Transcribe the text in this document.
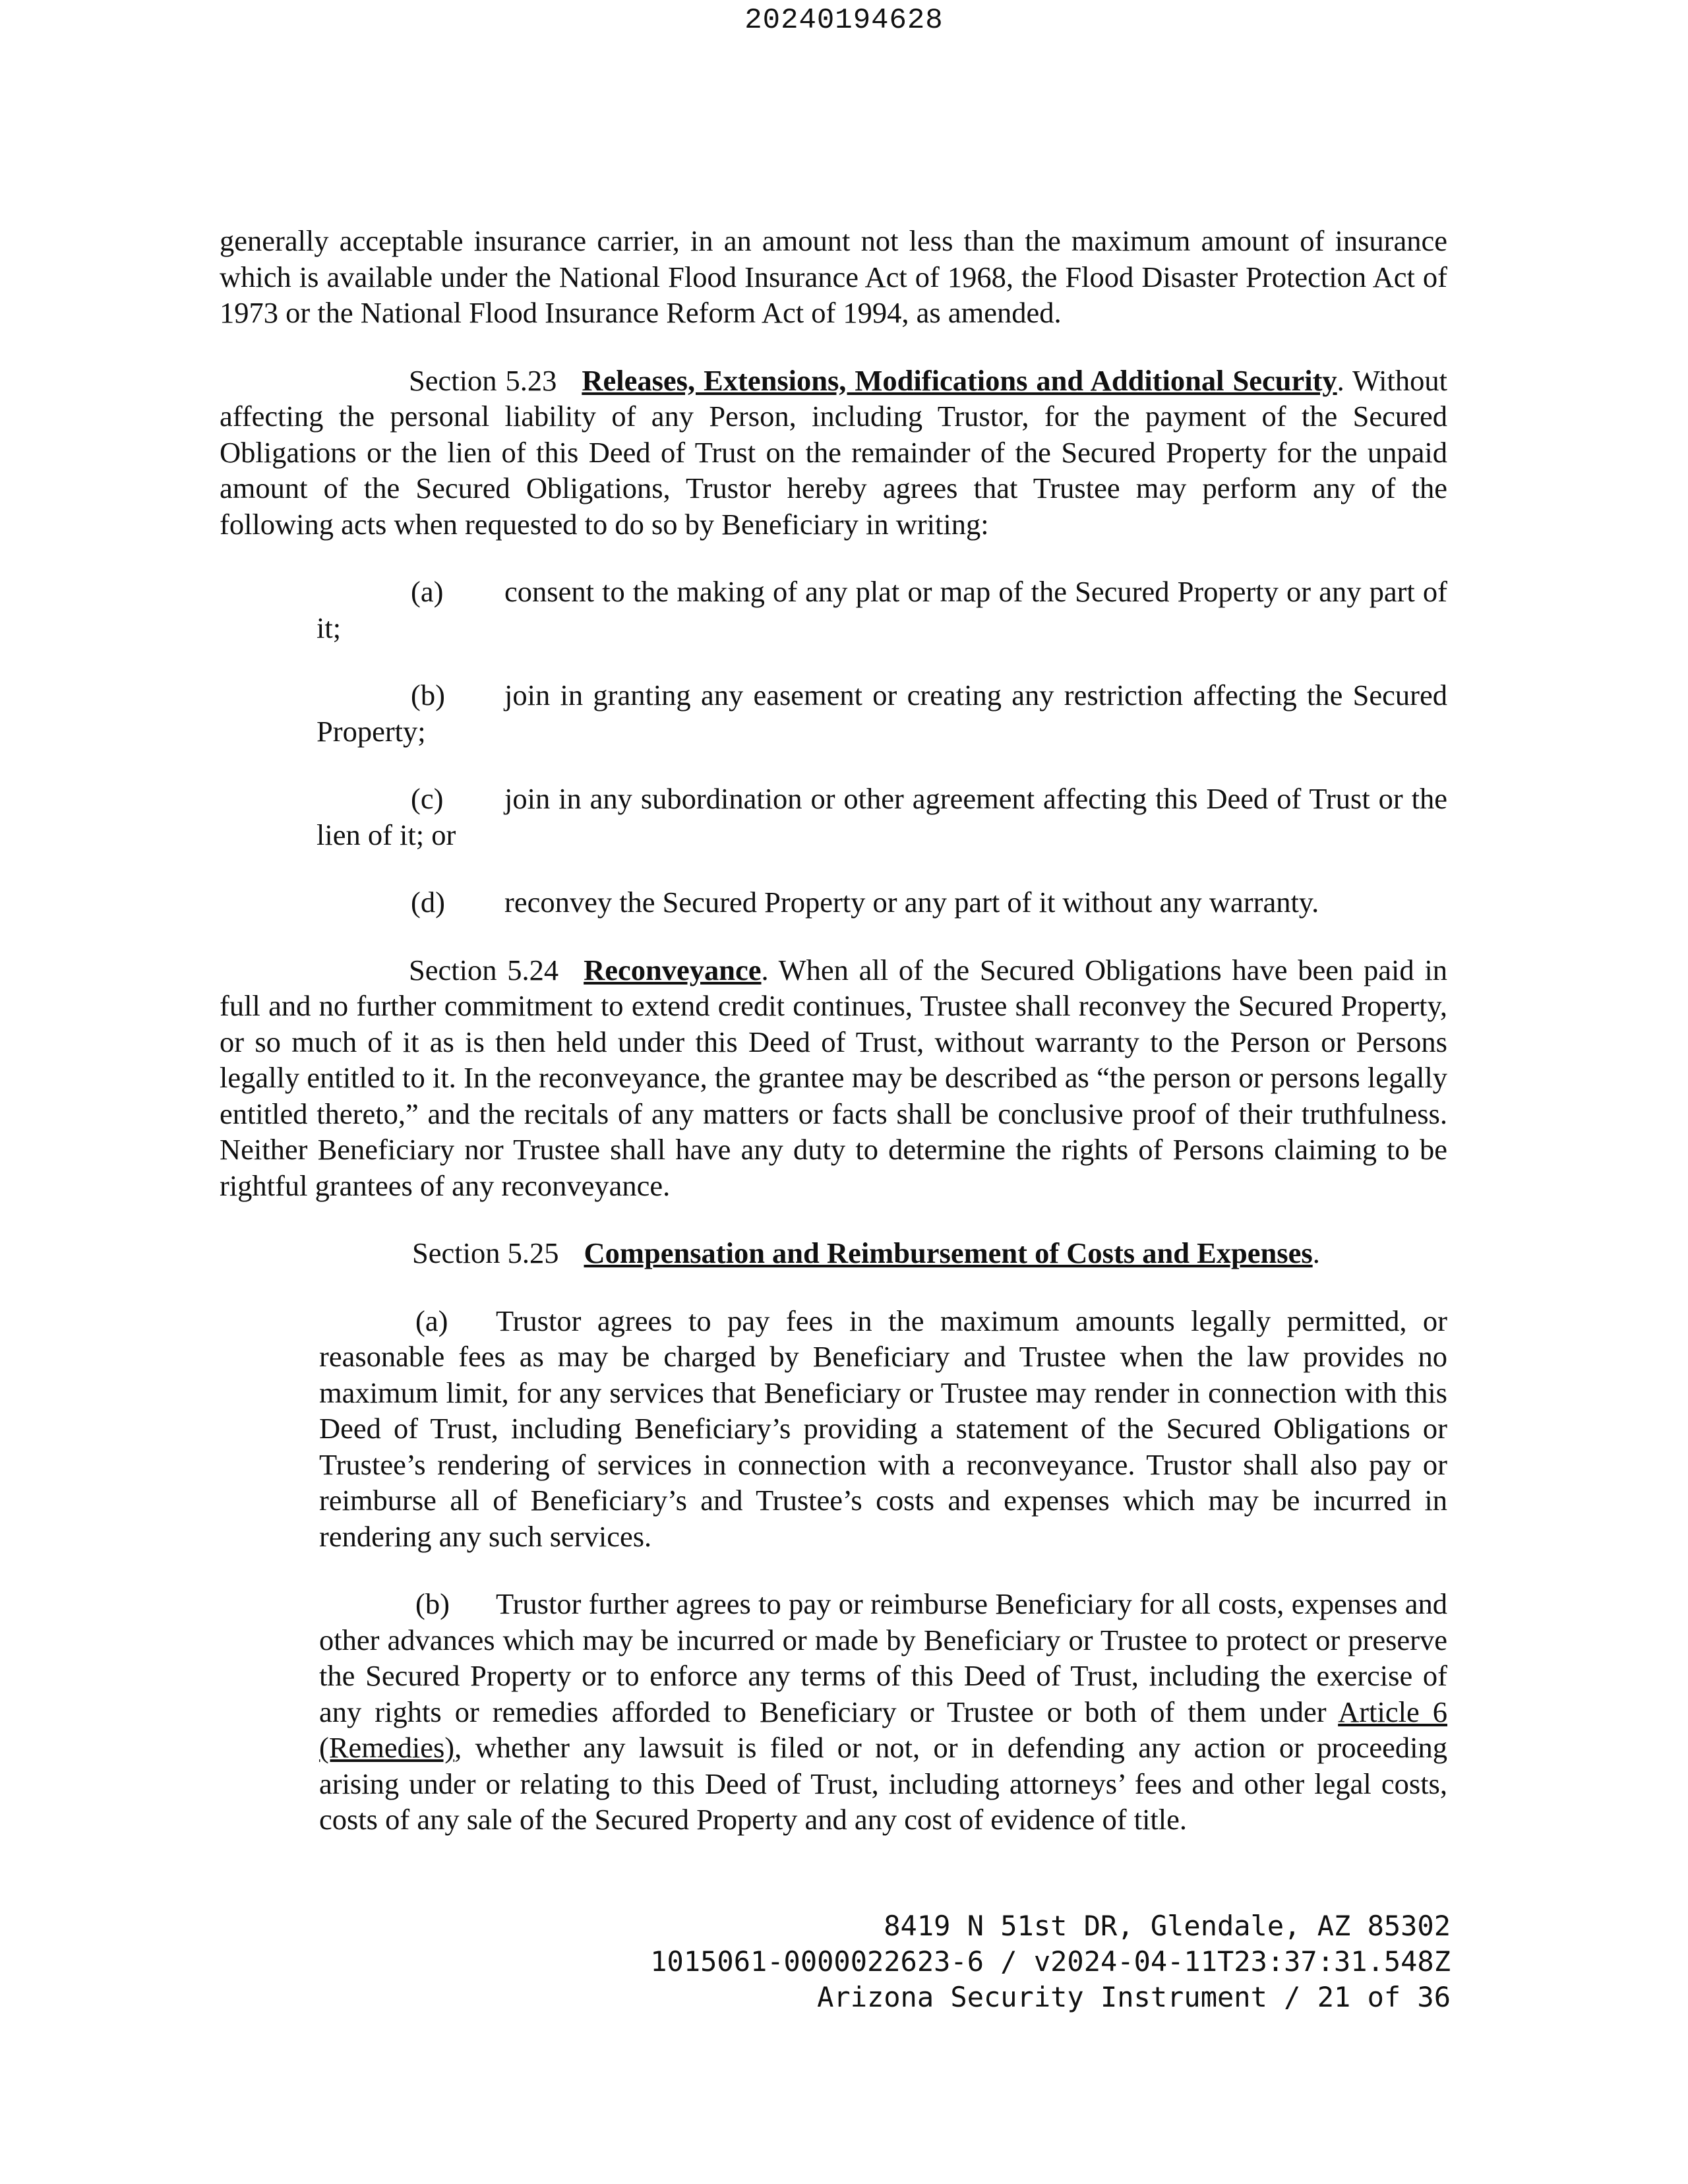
20240194628

generally acceptable insurance carrier, in an amount not less than the maximum amount of insurance which is available under the National Flood Insurance Act of 1968, the Flood Disaster Protection Act of 1973 or the National Flood Insurance Reform Act of 1994, as amended.

Section 5.23 Releases, Extensions, Modifications and Additional Security. Without affecting the personal liability of any Person, including Trustor, for the payment of the Secured Obligations or the lien of this Deed of Trust on the remainder of the Secured Property for the unpaid amount of the Secured Obligations, Trustor hereby agrees that Trustee may perform any of the following acts when requested to do so by Beneficiary in writing:

(a) consent to the making of any plat or map of the Secured Property or any part of it;

(b) join in granting any easement or creating any restriction affecting the Secured Property;

(c) join in any subordination or other agreement affecting this Deed of Trust or the lien of it; or

(d) reconvey the Secured Property or any part of it without any warranty.

Section 5.24 Reconveyance. When all of the Secured Obligations have been paid in full and no further commitment to extend credit continues, Trustee shall reconvey the Secured Property, or so much of it as is then held under this Deed of Trust, without warranty to the Person or Persons legally entitled to it. In the reconveyance, the grantee may be described as “the person or persons legally entitled thereto,” and the recitals of any matters or facts shall be conclusive proof of their truthfulness. Neither Beneficiary nor Trustee shall have any duty to determine the rights of Persons claiming to be rightful grantees of any reconveyance.

Section 5.25 Compensation and Reimbursement of Costs and Expenses.

(a) Trustor agrees to pay fees in the maximum amounts legally permitted, or reasonable fees as may be charged by Beneficiary and Trustee when the law provides no maximum limit, for any services that Beneficiary or Trustee may render in connection with this Deed of Trust, including Beneficiary’s providing a statement of the Secured Obligations or Trustee’s rendering of services in connection with a reconveyance. Trustor shall also pay or reimburse all of Beneficiary’s and Trustee’s costs and expenses which may be incurred in rendering any such services.

(b) Trustor further agrees to pay or reimburse Beneficiary for all costs, expenses and other advances which may be incurred or made by Beneficiary or Trustee to protect or preserve the Secured Property or to enforce any terms of this Deed of Trust, including the exercise of any rights or remedies afforded to Beneficiary or Trustee or both of them under Article 6 (Remedies), whether any lawsuit is filed or not, or in defending any action or proceeding arising under or relating to this Deed of Trust, including attorneys’ fees and other legal costs, costs of any sale of the Secured Property and any cost of evidence of title.

8419 N 51st DR, Glendale, AZ 85302
1015061-0000022623-6 / v2024-04-11T23:37:31.548Z
Arizona Security Instrument / 21 of 36
